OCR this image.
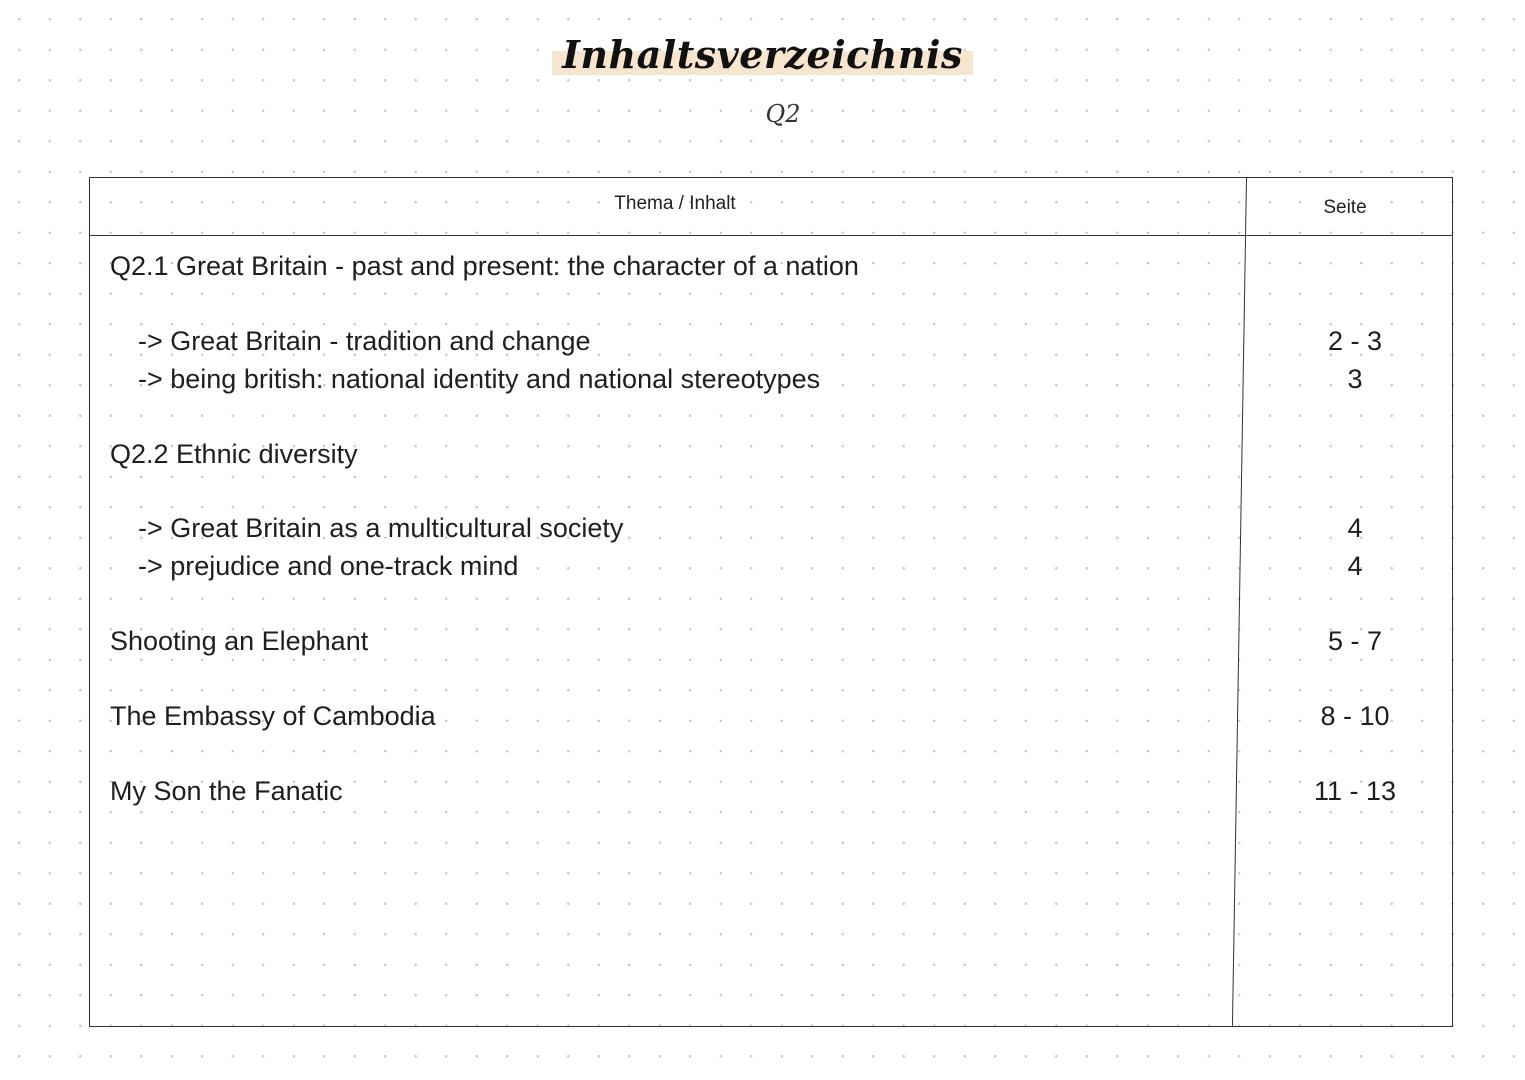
Inhaltsverzeichnis
Q2
Thema / Inhalt	Seite
Q2.1 Great Britain - past and present: the character of a nation
-> Great Britain - tradition and change	2 - 3
-> being british: national identity and national stereotypes	3
Q2.2 Ethnic diversity
-> Great Britain as a multicultural society	4
-> prejudice and one-track mind	4
Shooting an Elephant	5 - 7
The Embassy of Cambodia	8 - 10
My Son the Fanatic	11 - 13
